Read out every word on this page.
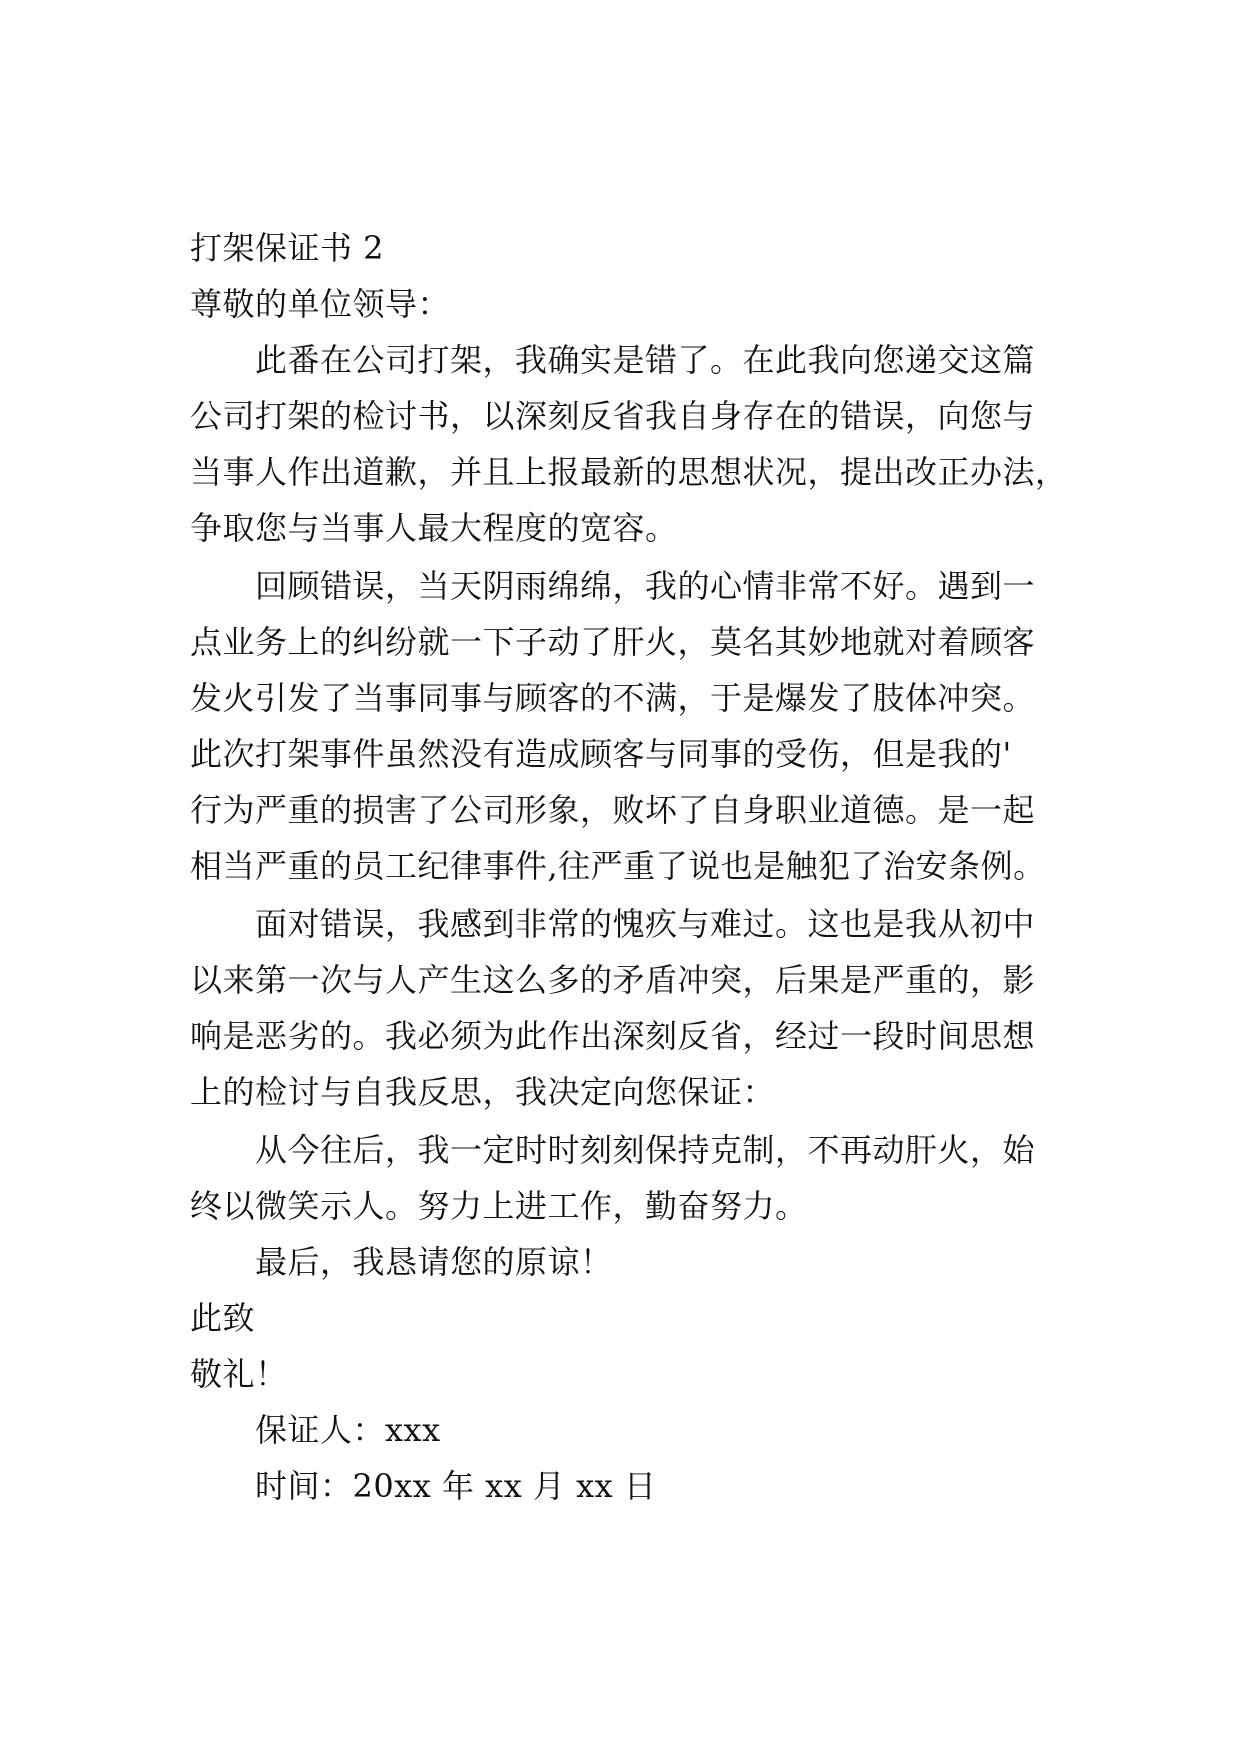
打架保证书 2
尊敬的单位领导：
此番在公司打架，我确实是错了。在此我向您递交这篇
公司打架的检讨书，以深刻反省我自身存在的错误，向您与
当事人作出道歉，并且上报最新的思想状况，提出改正办法，
争取您与当事人最大程度的宽容。
回顾错误，当天阴雨绵绵，我的心情非常不好。遇到一
点业务上的纠纷就一下子动了肝火，莫名其妙地就对着顾客
发火引发了当事同事与顾客的不满，于是爆发了肢体冲突。
此次打架事件虽然没有造成顾客与同事的受伤，但是我的'
行为严重的损害了公司形象，败坏了自身职业道德。是一起
相当严重的员工纪律事件,往严重了说也是触犯了治安条例。
面对错误，我感到非常的愧疚与难过。这也是我从初中
以来第一次与人产生这么多的矛盾冲突，后果是严重的，影
响是恶劣的。我必须为此作出深刻反省，经过一段时间思想
上的检讨与自我反思，我决定向您保证：
从今往后，我一定时时刻刻保持克制，不再动肝火，始
终以微笑示人。努力上进工作，勤奋努力。
最后，我恳请您的原谅！
此致
敬礼！
保证人：xxx
时间：20xx 年 xx 月 xx 日
